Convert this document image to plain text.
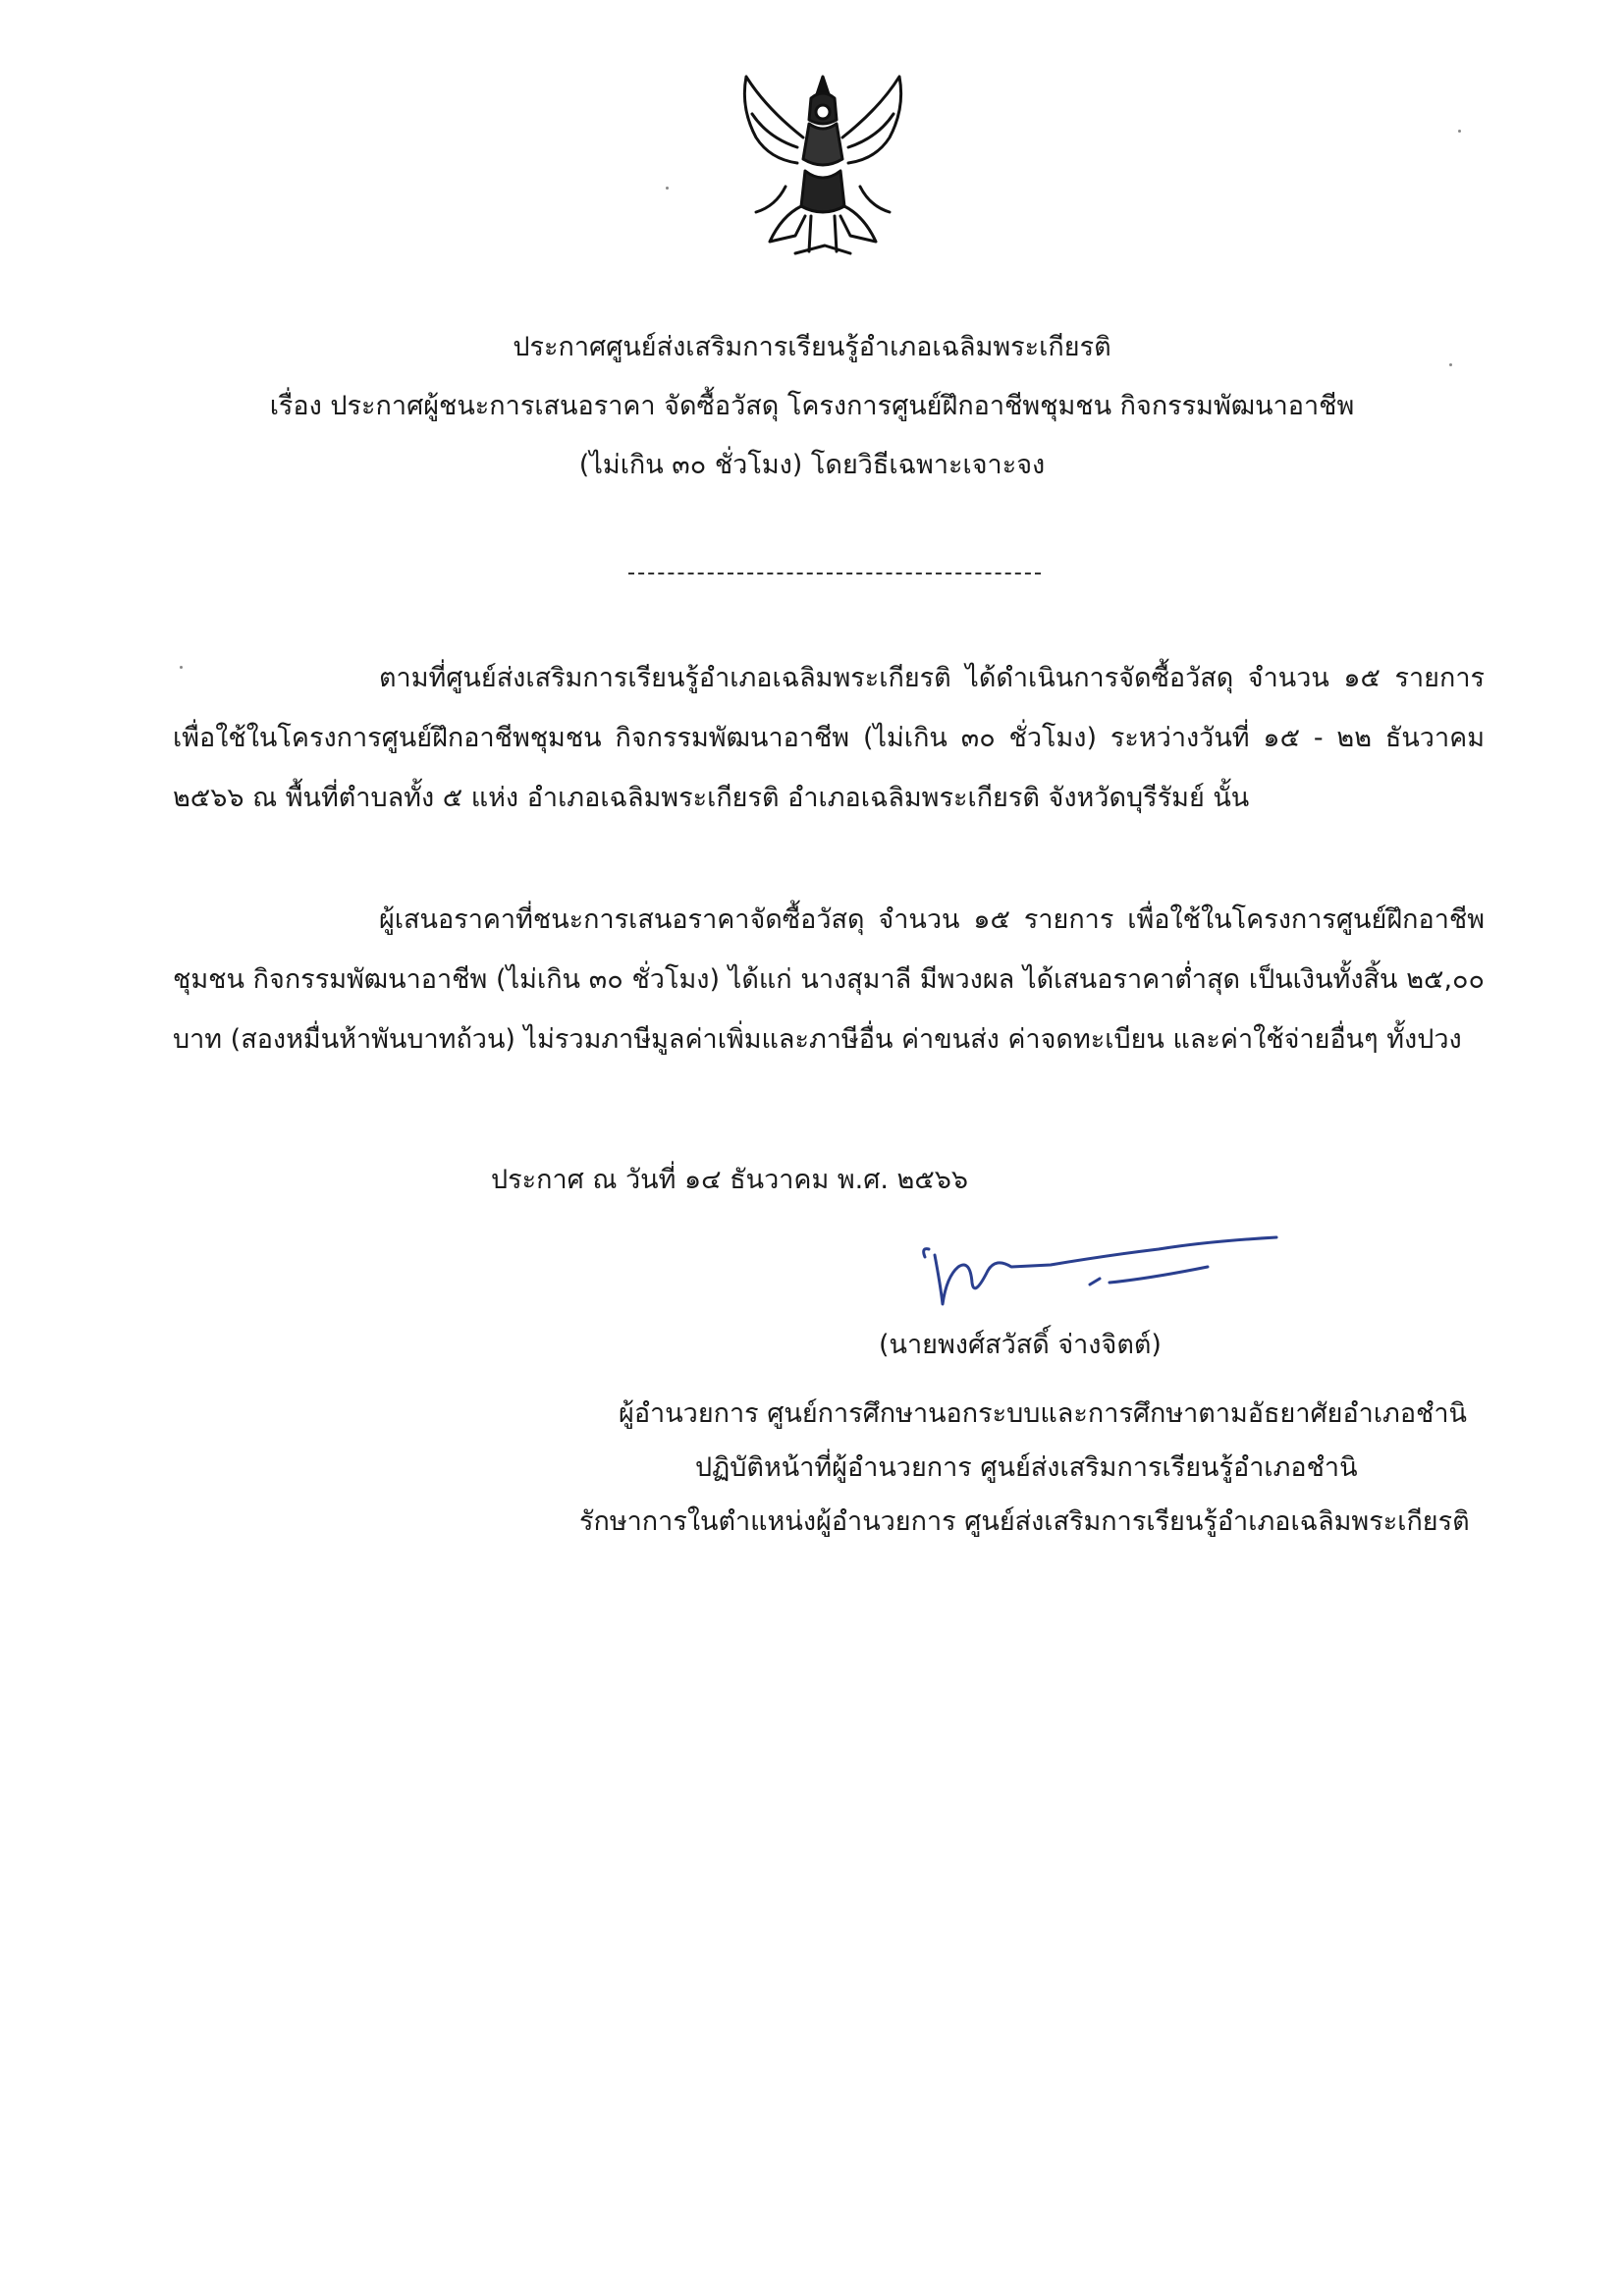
ประกาศศูนย์ส่งเสริมการเรียนรู้อำเภอเฉลิมพระเกียรติ
เรื่อง ประกาศผู้ชนะการเสนอราคา จัดซื้อวัสดุ โครงการศูนย์ฝึกอาชีพชุมชน กิจกรรมพัฒนาอาชีพ
(ไม่เกิน ๓๐ ชั่วโมง) โดยวิธีเฉพาะเจาะจง

ตามที่ศูนย์ส่งเสริมการเรียนรู้อำเภอเฉลิมพระเกียรติ ได้ดำเนินการจัดซื้อวัสดุ จำนวน ๑๕ รายการ เพื่อใช้ในโครงการศูนย์ฝึกอาชีพชุมชน กิจกรรมพัฒนาอาชีพ (ไม่เกิน ๓๐ ชั่วโมง) ระหว่างวันที่ ๑๕ - ๒๒ ธันวาคม ๒๕๖๖ ณ พื้นที่ตำบลทั้ง ๕ แห่ง อำเภอเฉลิมพระเกียรติ อำเภอเฉลิมพระเกียรติ จังหวัดบุรีรัมย์ นั้น

ผู้เสนอราคาที่ชนะการเสนอราคาจัดซื้อวัสดุ จำนวน ๑๕ รายการ เพื่อใช้ในโครงการศูนย์ฝึกอาชีพชุมชน กิจกรรมพัฒนาอาชีพ (ไม่เกิน ๓๐ ชั่วโมง) ได้แก่ นางสุมาลี มีพวงผล ได้เสนอราคาต่ำสุด เป็นเงินทั้งสิ้น ๒๕,๐๐ บาท (สองหมื่นห้าพันบาทถ้วน) ไม่รวมภาษีมูลค่าเพิ่มและภาษีอื่น ค่าขนส่ง ค่าจดทะเบียน และค่าใช้จ่ายอื่นๆ ทั้งปวง

ประกาศ ณ วันที่ ๑๔ ธันวาคม พ.ศ. ๒๕๖๖
(นายพงศ์สวัสดิ์ จ่างจิตต์)
ผู้อำนวยการ ศูนย์การศึกษานอกระบบและการศึกษาตามอัธยาศัยอำเภอชำนิ
ปฏิบัติหน้าที่ผู้อำนวยการ ศูนย์ส่งเสริมการเรียนรู้อำเภอชำนิ
รักษาการในตำแหน่งผู้อำนวยการ ศูนย์ส่งเสริมการเรียนรู้อำเภอเฉลิมพระเกียรติ
